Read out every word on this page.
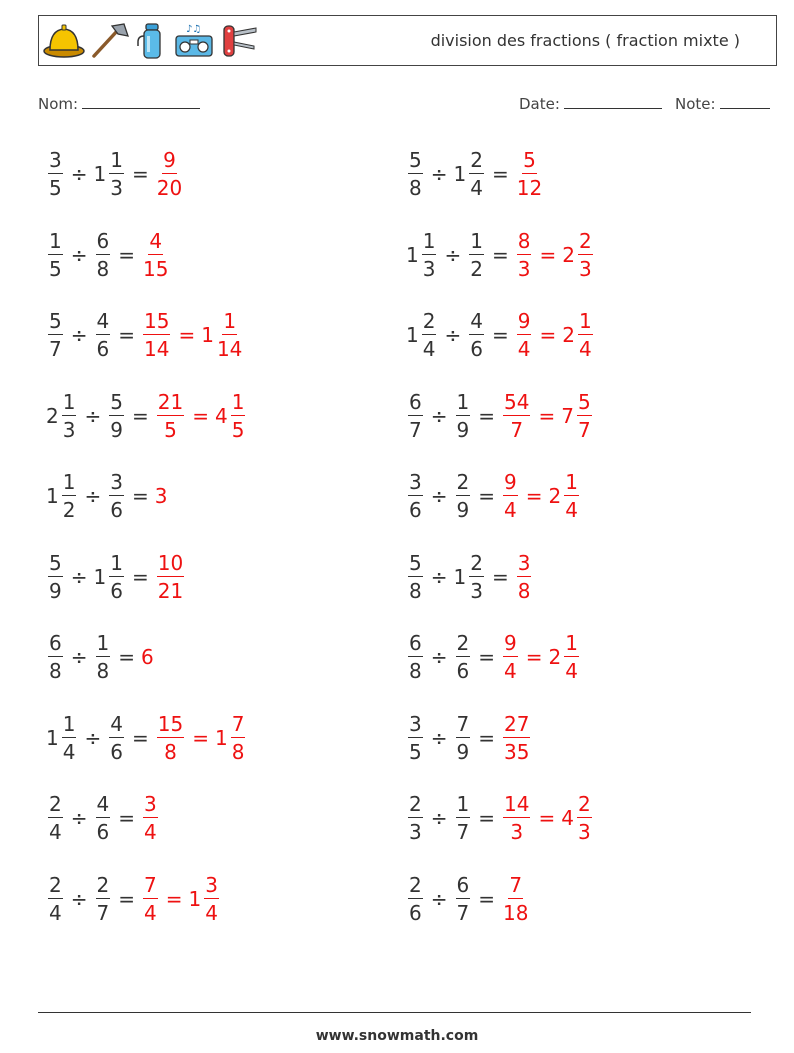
♪♫
division des fractions ( fraction mixte )
Nom:	Date:	Note:
$\frac{3}{5} \div 1 \frac{1}{3} = \frac{9}{20}$	$\frac{5}{8} \div 1 \frac{2}{4} = \frac{5}{12}$
$\frac{1}{5} \div \frac{6}{8} = \frac{4}{15}$	$1 \frac{1}{3} \div \frac{1}{2} = \frac{8}{3} = 2 \frac{2}{3}$
$\frac{5}{7} \div \frac{4}{6} = \frac{15}{14} = 1 \frac{1}{14}$	$1 \frac{2}{4} \div \frac{4}{6} = \frac{9}{4} = 2 \frac{1}{4}$
$2 \frac{1}{3} \div \frac{5}{9} = \frac{21}{5} = 4 \frac{1}{5}$	$\frac{6}{7} \div \frac{1}{9} = \frac{54}{7} = 7 \frac{5}{7}$
$1 \frac{1}{2} \div \frac{3}{6} = 3$	$\frac{3}{6} \div \frac{2}{9} = \frac{9}{4} = 2 \frac{1}{4}$
$\frac{5}{9} \div 1 \frac{1}{6} = \frac{10}{21}$	$\frac{5}{8} \div 1 \frac{2}{3} = \frac{3}{8}$
$\frac{6}{8} \div \frac{1}{8} = 6$	$\frac{6}{8} \div \frac{2}{6} = \frac{9}{4} = 2 \frac{1}{4}$
$1 \frac{1}{4} \div \frac{4}{6} = \frac{15}{8} = 1 \frac{7}{8}$	$\frac{3}{5} \div \frac{7}{9} = \frac{27}{35}$
$\frac{2}{4} \div \frac{4}{6} = \frac{3}{4}$	$\frac{2}{3} \div \frac{1}{7} = \frac{14}{3} = 4 \frac{2}{3}$
$\frac{2}{4} \div \frac{2}{7} = \frac{7}{4} = 1 \frac{3}{4}$	$\frac{2}{6} \div \frac{6}{7} = \frac{7}{18}$
www.snowmath.com
